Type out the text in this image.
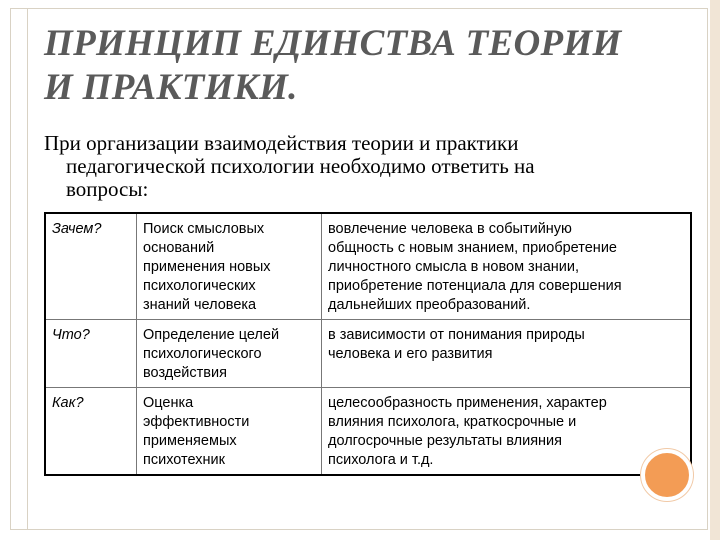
ПРИНЦИП ЕДИНСТВА ТЕОРИИ
И ПРАКТИКИ.

При организации взаимодействия теории и практики
педагогической психологии необходимо ответить на
вопросы:

Зачем?	Поиск смысловых
оснований
применения новых
психологических
знаний человека	вовлечение человека в событийную
общность с новым знанием, приобретение
личностного смысла в новом знании,
приобретение потенциала для совершения
дальнейших преобразований.

Что?	Определение целей
психологического
воздействия	в зависимости от понимания природы
человека и его развития

Как?	Оценка
эффективности
применяемых
психотехник	целесообразность применения, характер
влияния психолога, краткосрочные и
долгосрочные результаты влияния
психолога и т.д.
